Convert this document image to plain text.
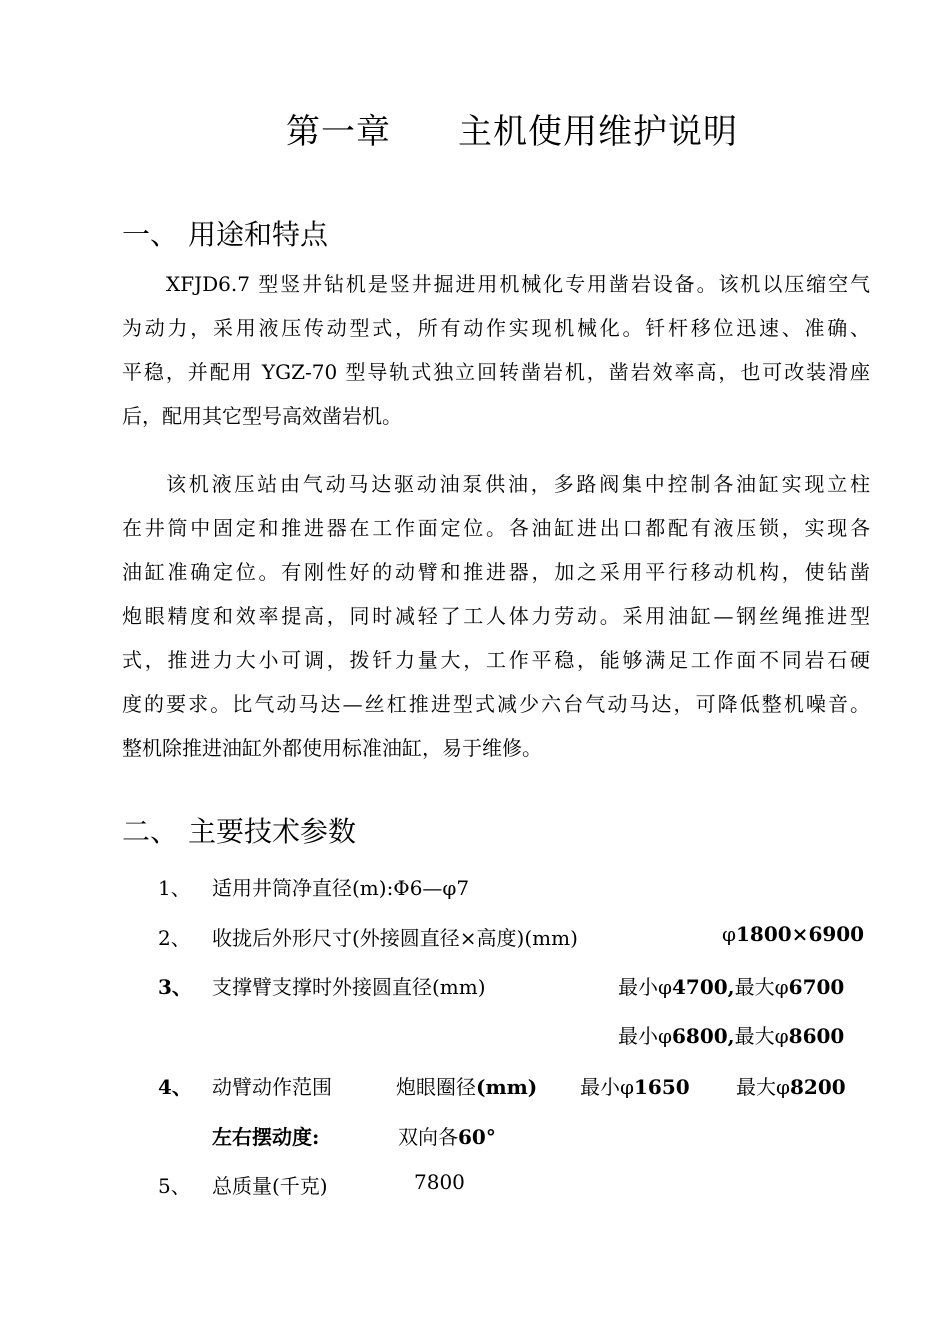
第一章 主机使用维护说明
一、 用途和特点
XFJD6.7 型竖井钻机是竖井掘进用机械化专用凿岩设备。该机以压缩空气
为动力，采用液压传动型式，所有动作实现机械化。钎杆移位迅速、准确、
平稳，并配用 YGZ-70 型导轨式独立回转凿岩机，凿岩效率高，也可改装滑座
后，配用其它型号高效凿岩机。
该机液压站由气动马达驱动油泵供油，多路阀集中控制各油缸实现立柱
在井筒中固定和推进器在工作面定位。各油缸进出口都配有液压锁，实现各
油缸准确定位。有刚性好的动臂和推进器，加之采用平行移动机构，使钻凿
炮眼精度和效率提高，同时减轻了工人体力劳动。采用油缸—钢丝绳推进型
式，推进力大小可调，拨钎力量大，工作平稳，能够满足工作面不同岩石硬
度的要求。比气动马达—丝杠推进型式减少六台气动马达，可降低整机噪音。
整机除推进油缸外都使用标准油缸，易于维修。
二、 主要技术参数
1、 适用井筒净直径(m):Φ6—φ7
2、 收拢后外形尺寸(外接圆直径×高度)(mm)	φ1800×6900
3、 支撑臂支撑时外接圆直径(mm)	最小φ4700,最大φ6700
最小φ6800,最大φ8600
4、 动臂动作范围	炮眼圈径(mm) 最小φ1650 最大φ8200
左右摆动度:	双向各60°
5、 总质量(千克)	7800
